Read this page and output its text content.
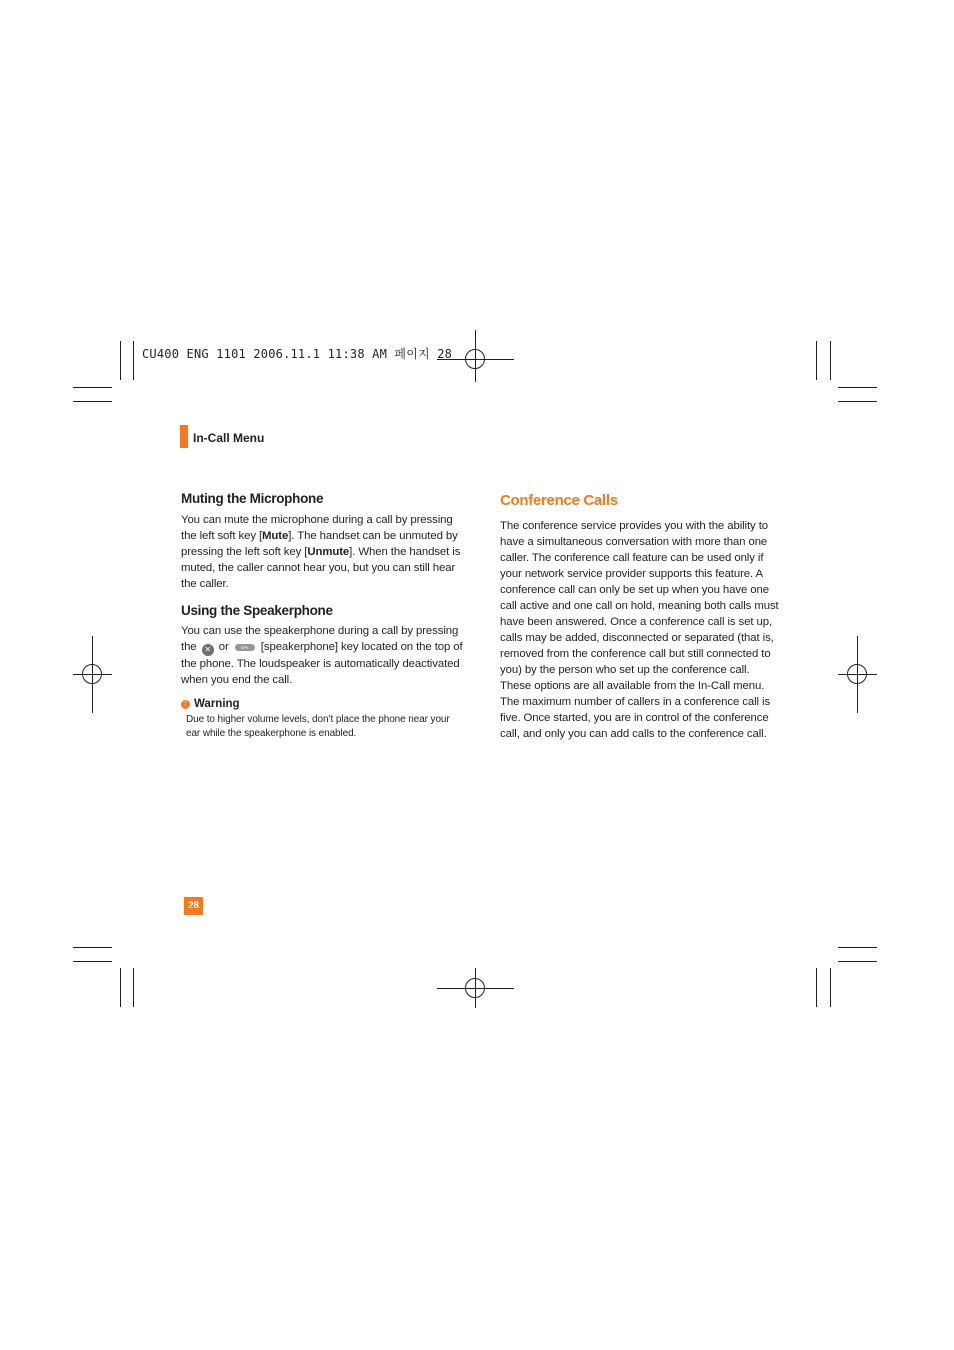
CU400 ENG 1101 2006.11.1 11:38 AM 페이지 28
In-Call Menu
Muting the Microphone

You can mute the microphone during a call by pressing the left soft key [Mute]. The handset can be unmuted by pressing the left soft key [Unmute]. When the handset is muted, the caller cannot hear you, but you can still hear the caller.

Using the Speakerphone

You can use the speakerphone during a call by pressing the ✕ or	SPK [speakerphone] key located on the top of the phone. The loudspeaker is automatically deactivated when you end the call.

! Warning

Due to higher volume levels, don’t place the phone near your ear while the speakerphone is enabled.

Conference Calls

The conference service provides you with the ability to have a simultaneous conversation with more than one caller. The conference call feature can be used only if your network service provider supports this feature. A conference call can only be set up when you have one call active and one call on hold, meaning both calls must have been answered. Once a conference call is set up, calls may be added, disconnected or separated (that is, removed from the conference call but still connected to you) by the person who set up the conference call. These options are all available from the In-Call menu. The maximum number of callers in a conference call is five. Once started, you are in control of the conference call, and only you can add calls to the conference call.

28
